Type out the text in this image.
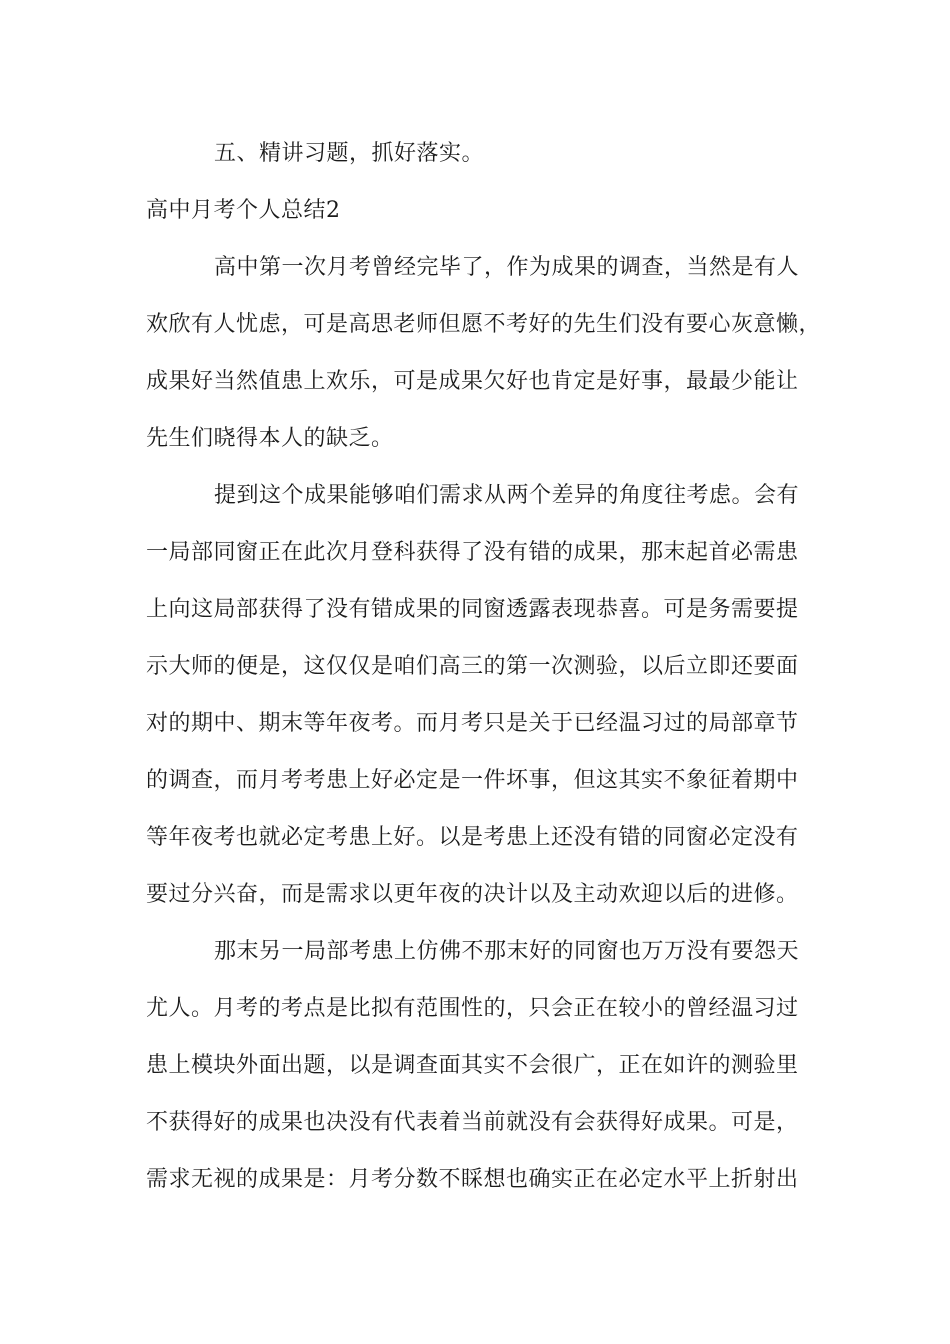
五、精讲习题，抓好落实。
高中月考个人总结2
高中第一次月考曾经完毕了，作为成果的调查，当然是有人
欢欣有人忧虑，可是高思老师但愿不考好的先生们没有要心灰意懒，
成果好当然值患上欢乐，可是成果欠好也肯定是好事，最最少能让
先生们晓得本人的缺乏。
提到这个成果能够咱们需求从两个差异的角度往考虑。会有
一局部同窗正在此次月登科获得了没有错的成果，那末起首必需患
上向这局部获得了没有错成果的同窗透露表现恭喜。可是务需要提
示大师的便是，这仅仅是咱们高三的第一次测验，以后立即还要面
对的期中、期末等年夜考。而月考只是关于已经温习过的局部章节
的调查，而月考考患上好必定是一件坏事，但这其实不象征着期中
等年夜考也就必定考患上好。以是考患上还没有错的同窗必定没有
要过分兴奋，而是需求以更年夜的决计以及主动欢迎以后的进修。
那末另一局部考患上仿佛不那末好的同窗也万万没有要怨天
尤人。月考的考点是比拟有范围性的，只会正在较小的曾经温习过
患上模块外面出题，以是调查面其实不会很广，正在如许的测验里
不获得好的成果也决没有代表着当前就没有会获得好成果。可是，
需求无视的成果是：月考分数不睬想也确实正在必定水平上折射出
